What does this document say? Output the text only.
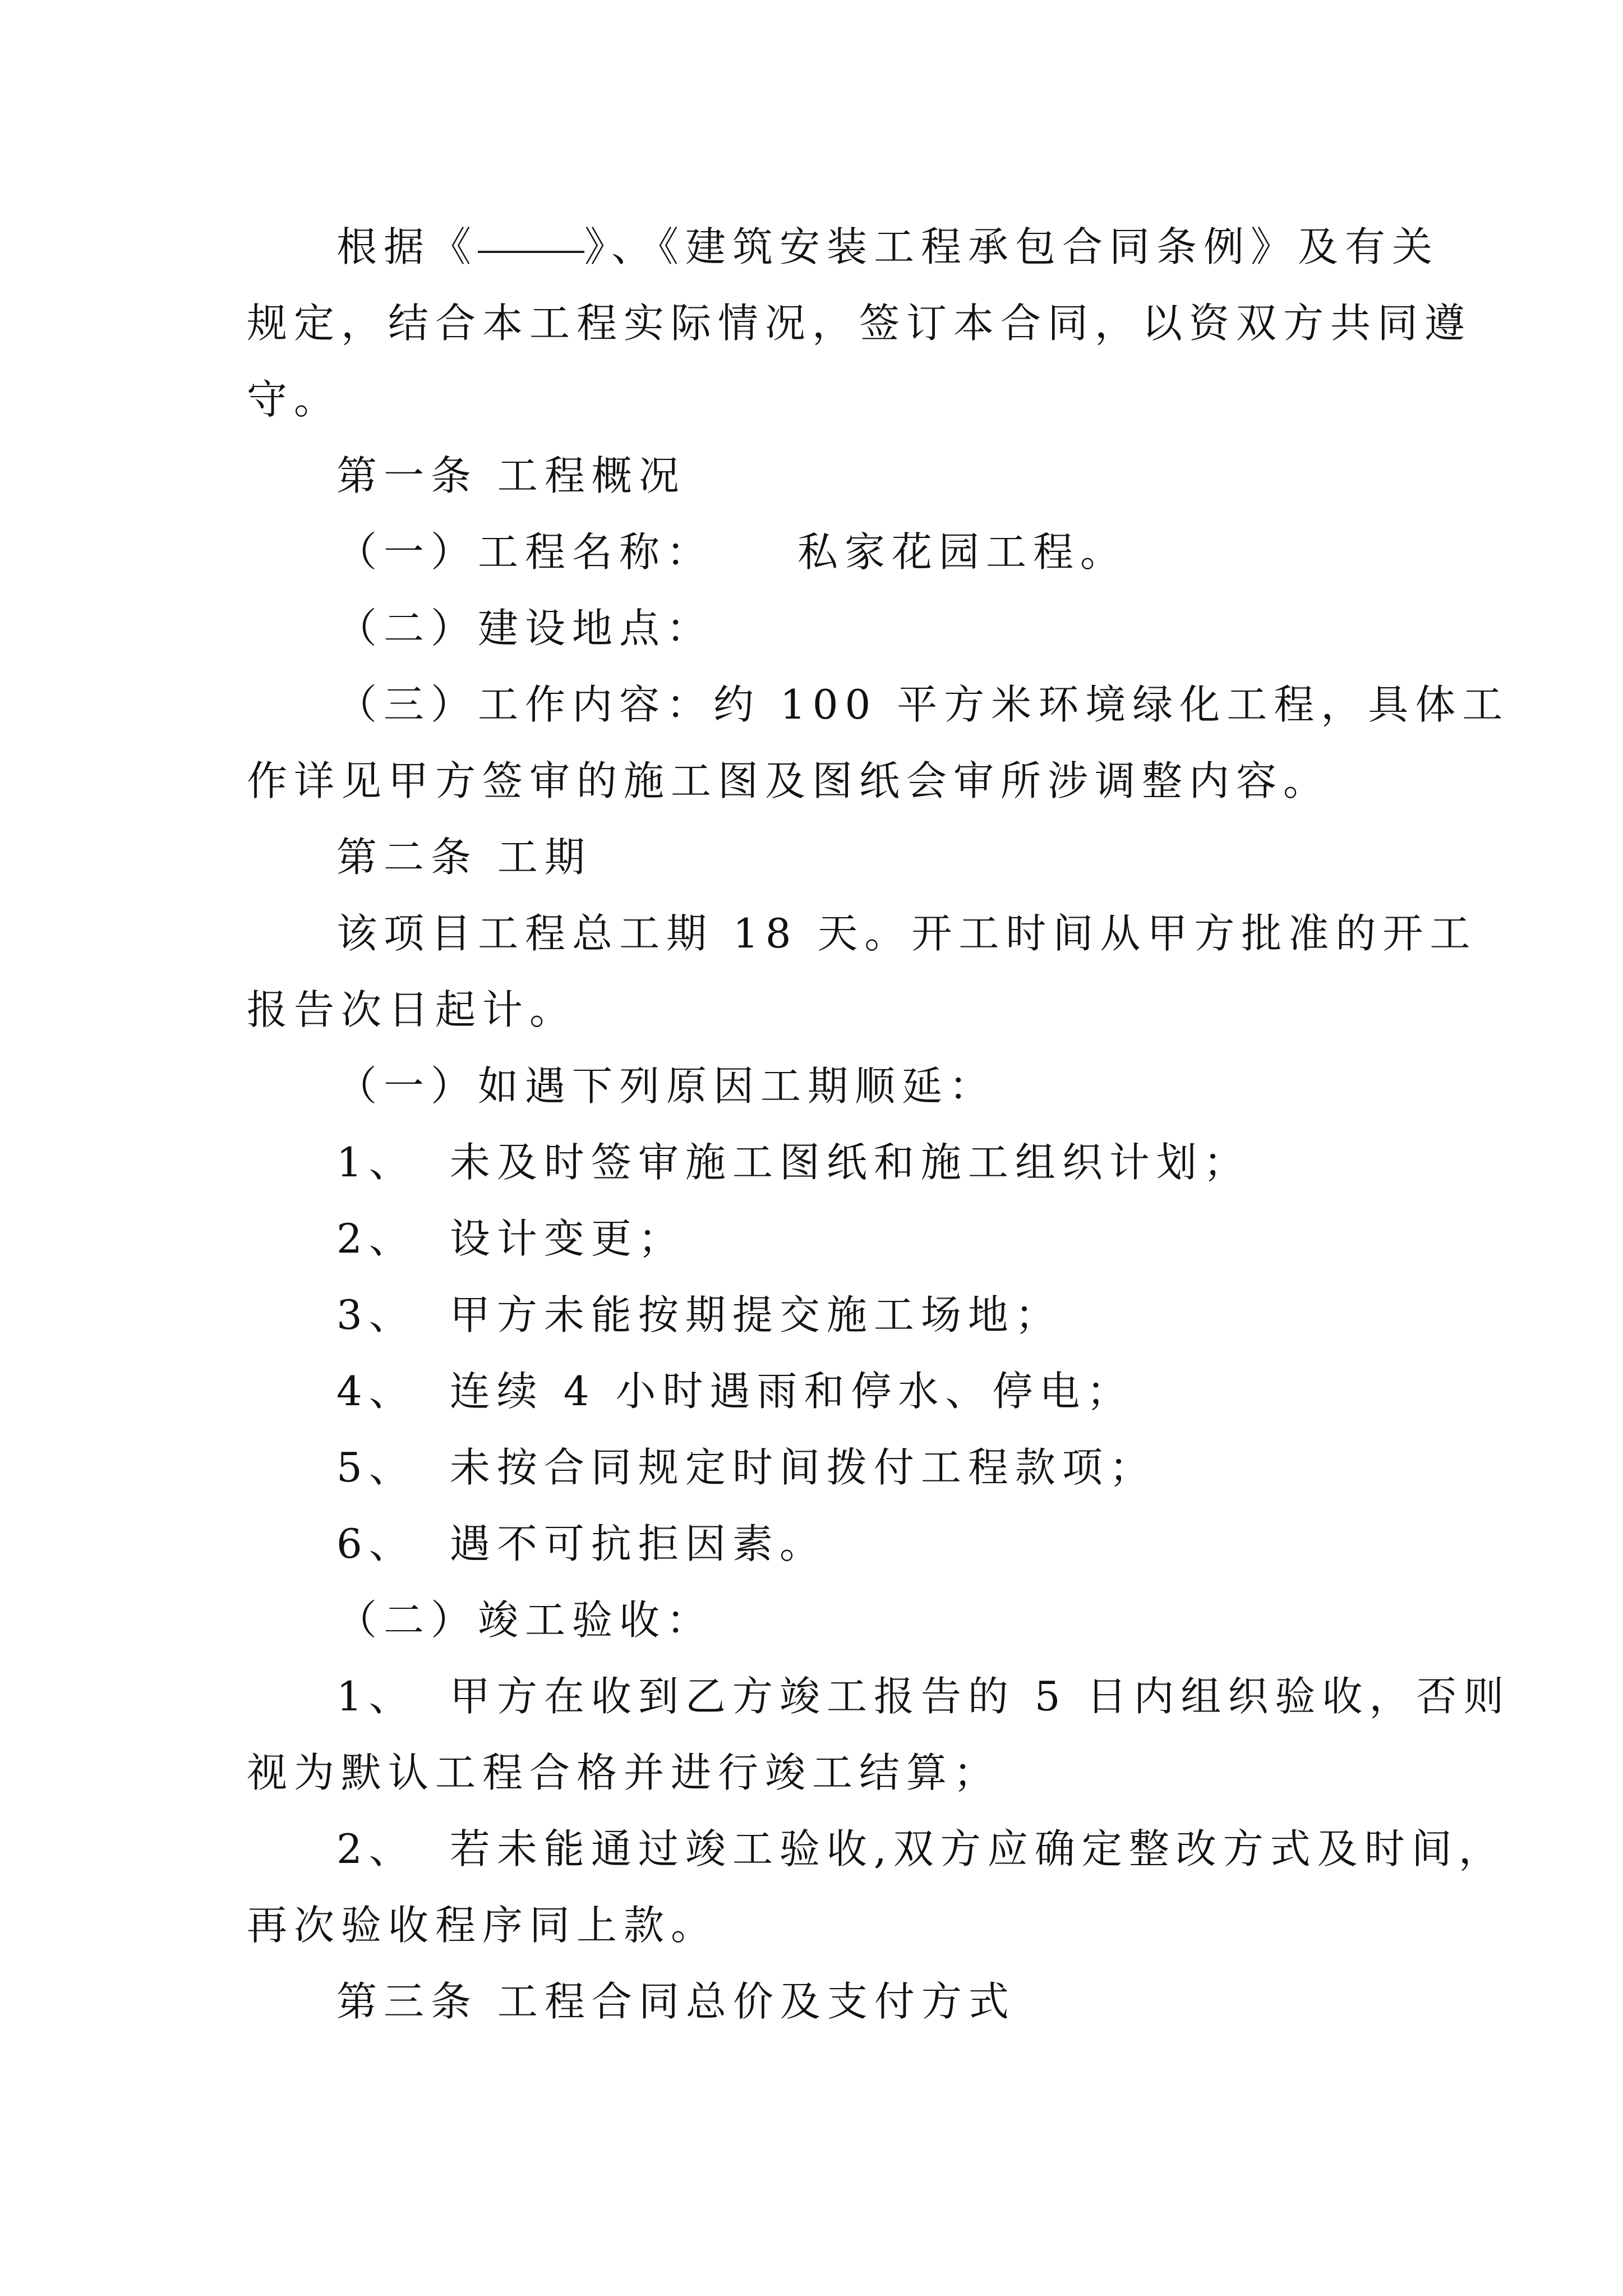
根据《	》、《建筑安装工程承包合同条例》及有关
规定，结合本工程实际情况，签订本合同，以资双方共同遵
守。
第一条 工程概况
（一）工程名称： 私家花园工程。
（二）建设地点：
（三）工作内容：约 100 平方米环境绿化工程，具体工
作详见甲方签审的施工图及图纸会审所涉调整内容。
第二条 工期
该项目工程总工期 18 天。开工时间从甲方批准的开工
报告次日起计。
（一）如遇下列原因工期顺延：
1、 未及时签审施工图纸和施工组织计划；
2、 设计变更；
3、 甲方未能按期提交施工场地；
4、 连续 4 小时遇雨和停水、停电；
5、 未按合同规定时间拨付工程款项；
6、 遇不可抗拒因素。
（二）竣工验收：
1、 甲方在收到乙方竣工报告的 5 日内组织验收，否则
视为默认工程合格并进行竣工结算；
2、 若未能通过竣工验收,双方应确定整改方式及时间，
再次验收程序同上款。
第三条 工程合同总价及支付方式
